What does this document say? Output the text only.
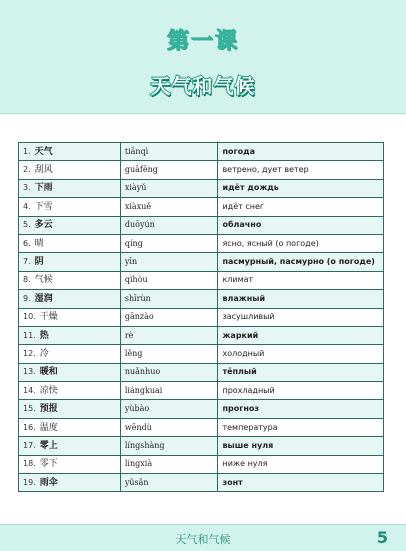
第一课
天气和气候
1. 天气	tiānqì	погода
2. 刮风	guāfēng	ветрено, дует ветер
3. 下雨	xiàyǔ	идёт дождь
4. 下雪	xiàxuě	идёт снег
5. 多云	duōyún	облачно
6. 晴	qíng	ясно, ясный (о погоде)
7. 阴	yīn	пасмурный, пасмурно (о погоде)
8. 气候	qìhòu	климат
9. 湿润	shīrùn	влажный
10. 干燥	gānzào	засушливый
11. 热	rè	жаркий
12. 冷	lěng	холодный
13. 暖和	nuǎnhuo	тёплый
14. 凉快	liángkuai	прохладный
15. 预报	yùbào	прогноз
16. 温度	wēndù	температура
17. 零上	língshàng	выше нуля
18. 零下	língxià	ниже нуля
19. 雨伞	yǔsǎn	зонт
天气和气候	5
